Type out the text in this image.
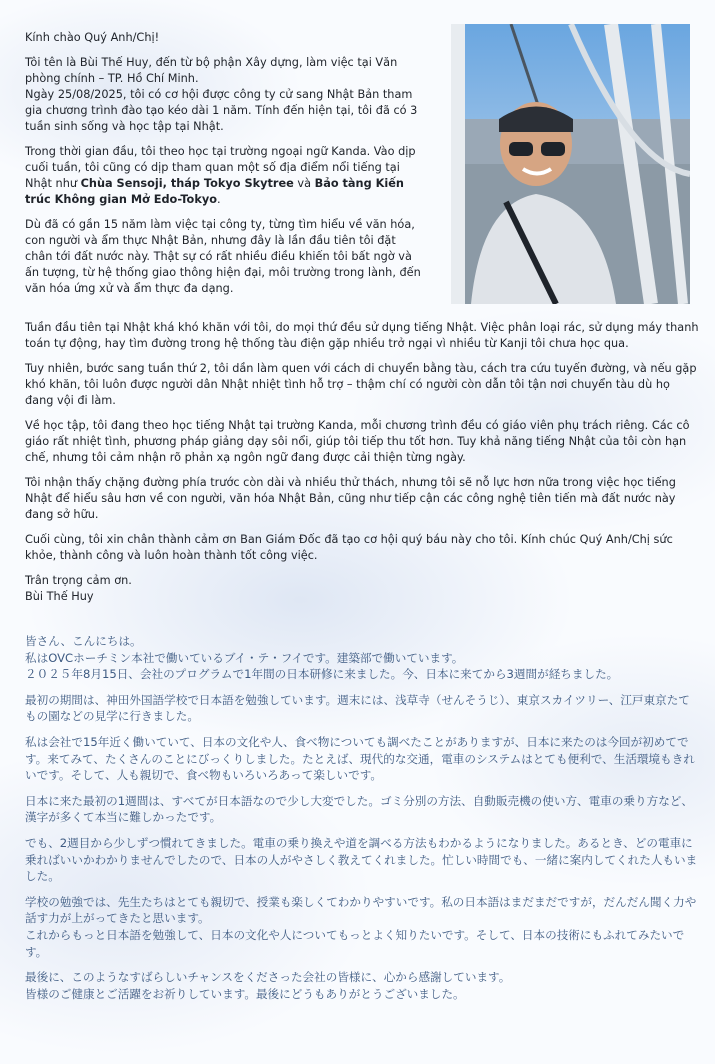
Kính chào Quý Anh/Chị!

Tôi tên là Bùi Thế Huy, đến từ bộ phận Xây dựng, làm việc tại Văn phòng chính – TP. Hồ Chí Minh.
Ngày 25/08/2025, tôi có cơ hội được công ty cử sang Nhật Bản tham gia chương trình đào tạo kéo dài 1 năm. Tính đến hiện tại, tôi đã có 3 tuần sinh sống và học tập tại Nhật.

Trong thời gian đầu, tôi theo học tại trường ngoại ngữ Kanda. Vào dịp cuối tuần, tôi cũng có dịp tham quan một số địa điểm nổi tiếng tại Nhật như Chùa Sensoji, tháp Tokyo Skytree và Bảo tàng Kiến trúc Không gian Mở Edo-Tokyo.

Dù đã có gần 15 năm làm việc tại công ty, từng tìm hiểu về văn hóa, con người và ẩm thực Nhật Bản, nhưng đây là lần đầu tiên tôi đặt chân tới đất nước này. Thật sự có rất nhiều điều khiến tôi bất ngờ và ấn tượng, từ hệ thống giao thông hiện đại, môi trường trong lành, đến văn hóa ứng xử và ẩm thực đa dạng.

Tuần đầu tiên tại Nhật khá khó khăn với tôi, do mọi thứ đều sử dụng tiếng Nhật. Việc phân loại rác, sử dụng máy thanh toán tự động, hay tìm đường trong hệ thống tàu điện gặp nhiều trở ngại vì nhiều từ Kanji tôi chưa học qua.

Tuy nhiên, bước sang tuần thứ 2, tôi dần làm quen với cách di chuyển bằng tàu, cách tra cứu tuyến đường, và nếu gặp khó khăn, tôi luôn được người dân Nhật nhiệt tình hỗ trợ – thậm chí có người còn dẫn tôi tận nơi chuyển tàu dù họ đang vội đi làm.

Về học tập, tôi đang theo học tiếng Nhật tại trường Kanda, mỗi chương trình đều có giáo viên phụ trách riêng. Các cô giáo rất nhiệt tình, phương pháp giảng dạy sôi nổi, giúp tôi tiếp thu tốt hơn. Tuy khả năng tiếng Nhật của tôi còn hạn chế, nhưng tôi cảm nhận rõ phản xạ ngôn ngữ đang được cải thiện từng ngày.

Tôi nhận thấy chặng đường phía trước còn dài và nhiều thử thách, nhưng tôi sẽ nỗ lực hơn nữa trong việc học tiếng Nhật để hiểu sâu hơn về con người, văn hóa Nhật Bản, cũng như tiếp cận các công nghệ tiên tiến mà đất nước này đang sở hữu.

Cuối cùng, tôi xin chân thành cảm ơn Ban Giám Đốc đã tạo cơ hội quý báu này cho tôi. Kính chúc Quý Anh/Chị sức khỏe, thành công và luôn hoàn thành tốt công việc.

Trân trọng cảm ơn.
Bùi Thế Huy

皆さん、こんにちは。
私はOVCホーチミン本社で働いているブイ・テ・フイです。建築部で働いています。
２０２５年8月15日、会社のプログラムで1年間の日本研修に来ました。今、日本に来てから3週間が経ちました。

最初の期間は、神田外国語学校で日本語を勉強しています。週末には、浅草寺（せんそうじ）、東京スカイツリー、江戸東京たてもの園などの見学に行きました。

私は会社で15年近く働いていて、日本の文化や人、食べ物についても調べたことがありますが、日本に来たのは今回が初めてです。来てみて、たくさんのことにびっくりしました。たとえば、現代的な交通，電車のシステムはとても便利で、生活環境もきれいです。そして、人も親切で、食べ物もいろいろあって楽しいです。

日本に来た最初の1週間は、すべてが日本語なので少し大変でした。ゴミ分別の方法、自動販売機の使い方、電車の乗り方など、漢字が多くて本当に難しかったです。

でも、2週目から少しずつ慣れてきました。電車の乗り換えや道を調べる方法もわかるようになりました。あるとき、どの電車に乗ればいいかわかりませんでしたので、日本の人がやさしく教えてくれました。忙しい時間でも、一緒に案内してくれた人もいました。

学校の勉強では、先生たちはとても親切で、授業も楽しくてわかりやすいです。私の日本語はまだまだですが，だんだん聞く力や話す力が上がってきたと思います。
これからもっと日本語を勉強して、日本の文化や人についてもっとよく知りたいです。そして、日本の技術にもふれてみたいです。

最後に、このようなすばらしいチャンスをくださった会社の皆様に、心から感謝しています。
皆様のご健康とご活躍をお祈りしています。最後にどうもありがとうございました。
